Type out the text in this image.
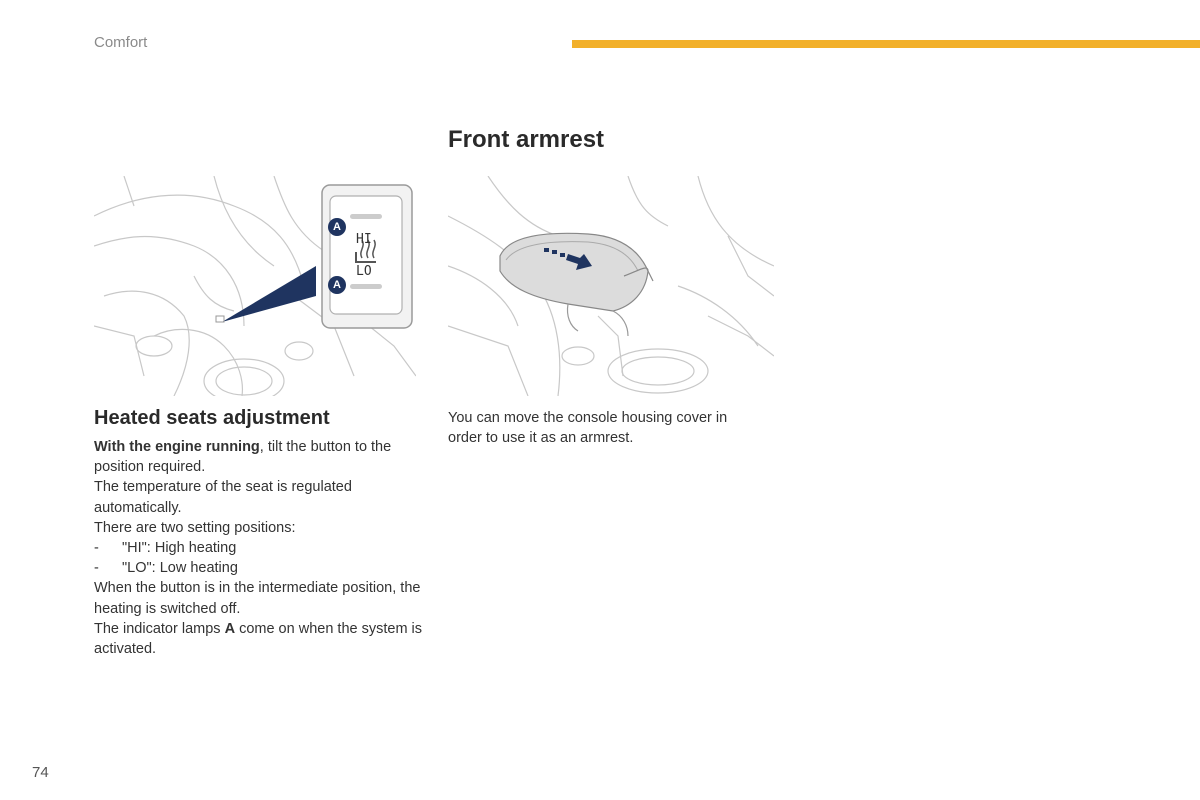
Comfort
Front armrest
A
A
HI
LO
Heated seats adjustment

With the engine running, tilt the button to the position required.

The temperature of the seat is regulated automatically.

There are two setting positions:

-	"HI": High heating
-	"LO": Low heating

When the button is in the intermediate position, the heating is switched off.

The indicator lamps A come on when the system is activated.

You can move the console housing cover in order to use it as an armrest.

74
